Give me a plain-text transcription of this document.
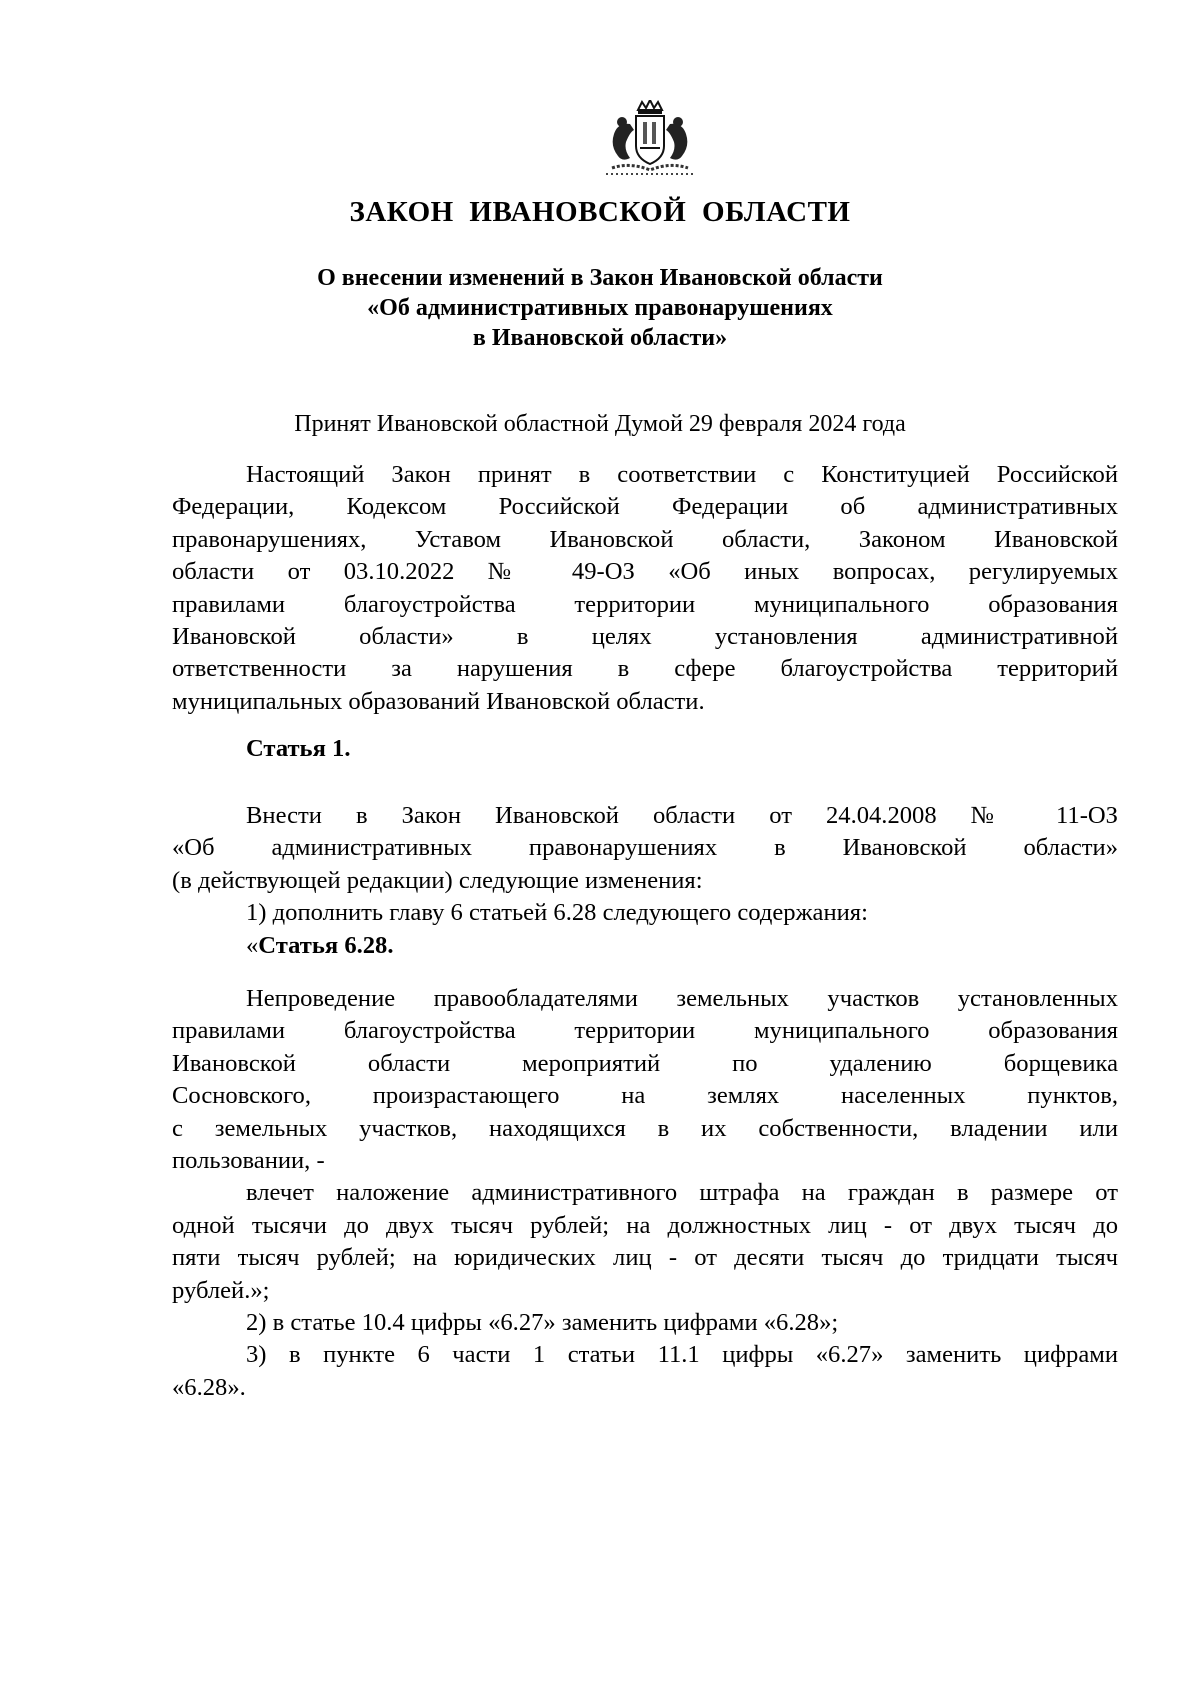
ЗАКОН ИВАНОВСКОЙ ОБЛАСТИ
О внесении изменений в Закон Ивановской области
«Об административных правонарушениях
в Ивановской области»
Принят Ивановской областной Думой 29 февраля 2024 года

Настоящий Закон принят в соответствии с Конституцией Российской

Федерации, Кодексом Российской Федерации об административных

правонарушениях, Уставом Ивановской области, Законом Ивановской

области от 03.10.2022 № 49-ОЗ «Об иных вопросах, регулируемых

правилами благоустройства территории муниципального образования

Ивановской области» в целях установления административной

ответственности за нарушения в сфере благоустройства территорий

муниципальных образований Ивановской области.

Статья 1.

Внести в Закон Ивановской области от 24.04.2008 № 11-ОЗ

«Об административных правонарушениях в Ивановской области»

(в действующей редакции) следующие изменения:

1) дополнить главу 6 статьей 6.28 следующего содержания:

«Статья 6.28.

Непроведение правообладателями земельных участков установленных

правилами благоустройства территории муниципального образования

Ивановской области мероприятий по удалению борщевика

Сосновского, произрастающего на землях населенных пунктов,

с земельных участков, находящихся в их собственности, владении или

пользовании, -

влечет наложение административного штрафа на граждан в размере от

одной тысячи до двух тысяч рублей; на должностных лиц - от двух тысяч до

пяти тысяч рублей; на юридических лиц - от десяти тысяч до тридцати тысяч

рублей.»;

2) в статье 10.4 цифры «6.27» заменить цифрами «6.28»;

3) в пункте 6 части 1 статьи 11.1 цифры «6.27» заменить цифрами

«6.28».
